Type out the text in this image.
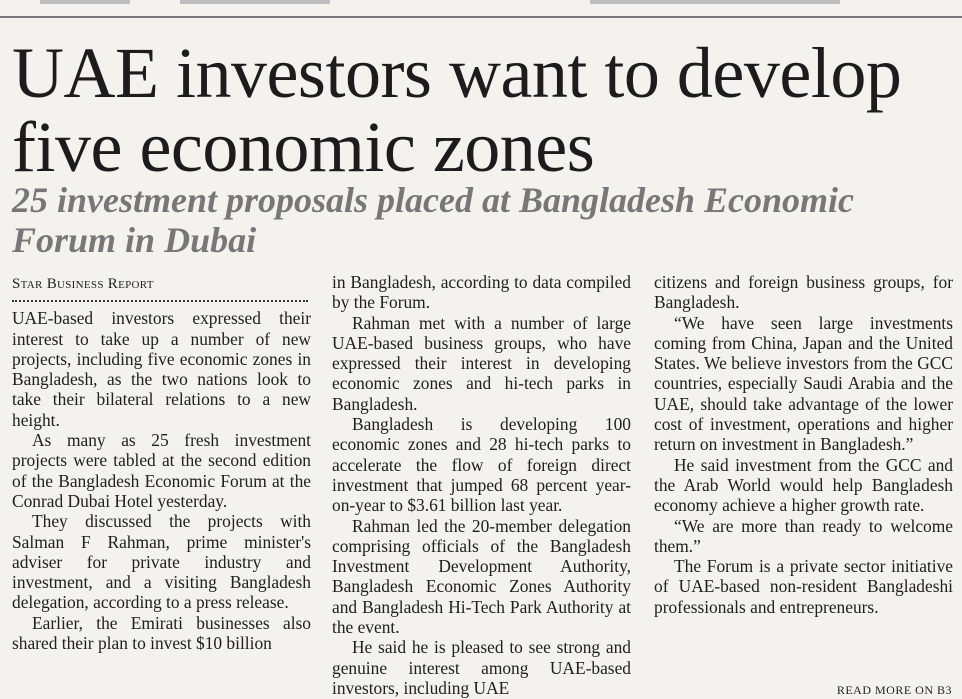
UAE investors want to develop five economic zones
25 investment proposals placed at Bangladesh Economic Forum in Dubai
Star Business Report

UAE-based investors expressed their interest to take up a number of new projects, including five economic zones in Bangladesh, as the two nations look to take their bilateral relations to a new height.

As many as 25 fresh investment projects were tabled at the second edition of the Bangladesh Economic Forum at the Conrad Dubai Hotel yesterday.

They discussed the projects with Salman F Rahman, prime minister's adviser for private industry and investment, and a visiting Bangladesh delegation, according to a press release.

Earlier, the Emirati businesses also shared their plan to invest $10 billion

in Bangladesh, according to data compiled by the Forum.

Rahman met with a number of large UAE-based business groups, who have expressed their interest in developing economic zones and hi-tech parks in Bangladesh.

Bangladesh is developing 100 economic zones and 28 hi-tech parks to accelerate the flow of foreign direct investment that jumped 68 percent year-on-year to $3.61 billion last year.

Rahman led the 20-member delegation comprising officials of the Bangladesh Investment Development Authority, Bangladesh Economic Zones Authority and Bangladesh Hi-Tech Park Authority at the event.

He said he is pleased to see strong and genuine interest among UAE-based investors, including UAE

citizens and foreign business groups, for Bangladesh.

“We have seen large investments coming from China, Japan and the United States. We believe investors from the GCC countries, especially Saudi Arabia and the UAE, should take advantage of the lower cost of investment, operations and higher return on investment in Bangladesh.”

He said investment from the GCC and the Arab World would help Bangladesh economy achieve a higher growth rate.

“We are more than ready to welcome them.”

The Forum is a private sector initiative of UAE-based non-resident Bangladeshi professionals and entrepreneurs.

READ MORE ON B3
